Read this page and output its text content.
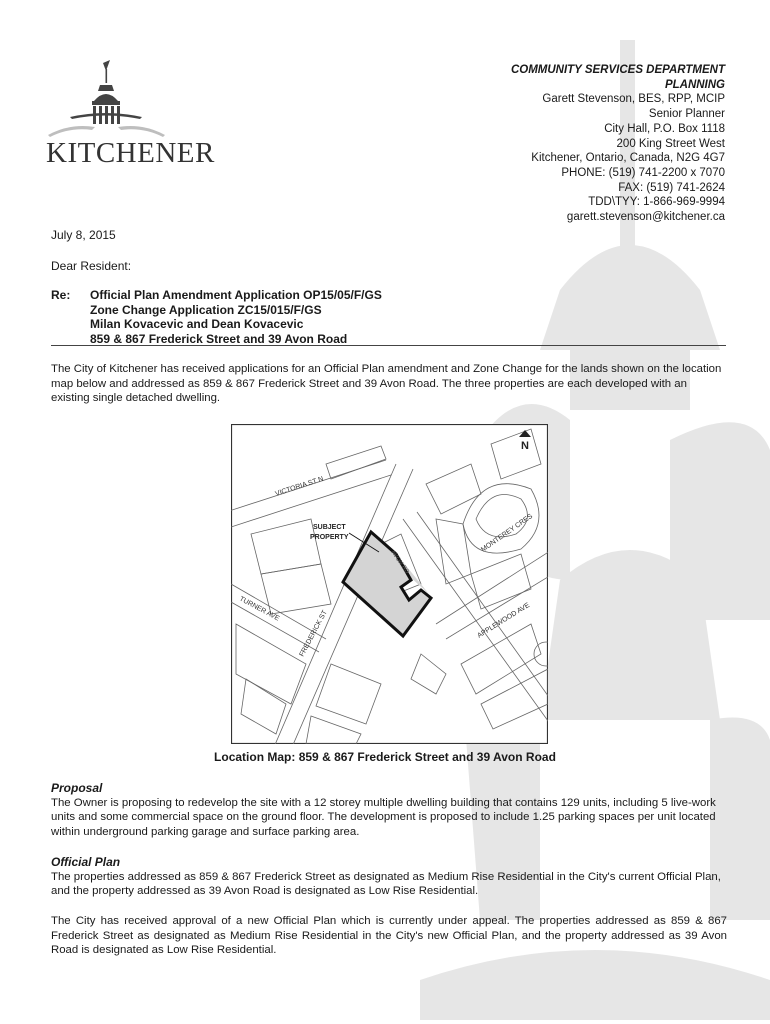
KITCHENER
COMMUNITY SERVICES DEPARTMENT
PLANNING
Garett Stevenson, BES, RPP, MCIP
Senior Planner
City Hall, P.O. Box 1118
200 King Street West
Kitchener, Ontario, Canada, N2G 4G7
PHONE: (519) 741-2200 x 7070
FAX: (519) 741-2624
TDD\TYY: 1-866-969-9994
garett.stevenson@kitchener.ca
July 8, 2015
Dear Resident:
Re: Official Plan Amendment Application OP15/05/F/GS
Zone Change Application ZC15/015/F/GS
Milan Kovacevic and Dean Kovacevic
859 & 867 Frederick Street and 39 Avon Road
The City of Kitchener has received applications for an Official Plan amendment and Zone Change for the lands shown on the location map below and addressed as 859 & 867 Frederick Street and 39 Avon Road. The three properties are each developed with an existing single detached dwelling.
VICTORIA ST N
MONTEREY CRES
TURNER AVE
FREDERICK ST	APPLEWOOD AVE
AVON RD
SUBJECT
PROPERTY
N
Location Map: 859 & 867 Frederick Street and 39 Avon Road
Proposal
The Owner is proposing to redevelop the site with a 12 storey multiple dwelling building that contains 129 units, including 5 live-work units and some commercial space on the ground floor. The development is proposed to include 1.25 parking spaces per unit located within underground parking garage and surface parking area.
Official Plan
The properties addressed as 859 & 867 Frederick Street as designated as Medium Rise Residential in the City's current Official Plan, and the property addressed as 39 Avon Road is designated as Low Rise Residential.
The City has received approval of a new Official Plan which is currently under appeal. The properties addressed as 859 & 867 Frederick Street as designated as Medium Rise Residential in the City's new Official Plan, and the property addressed as 39 Avon Road is designated as Low Rise Residential.
